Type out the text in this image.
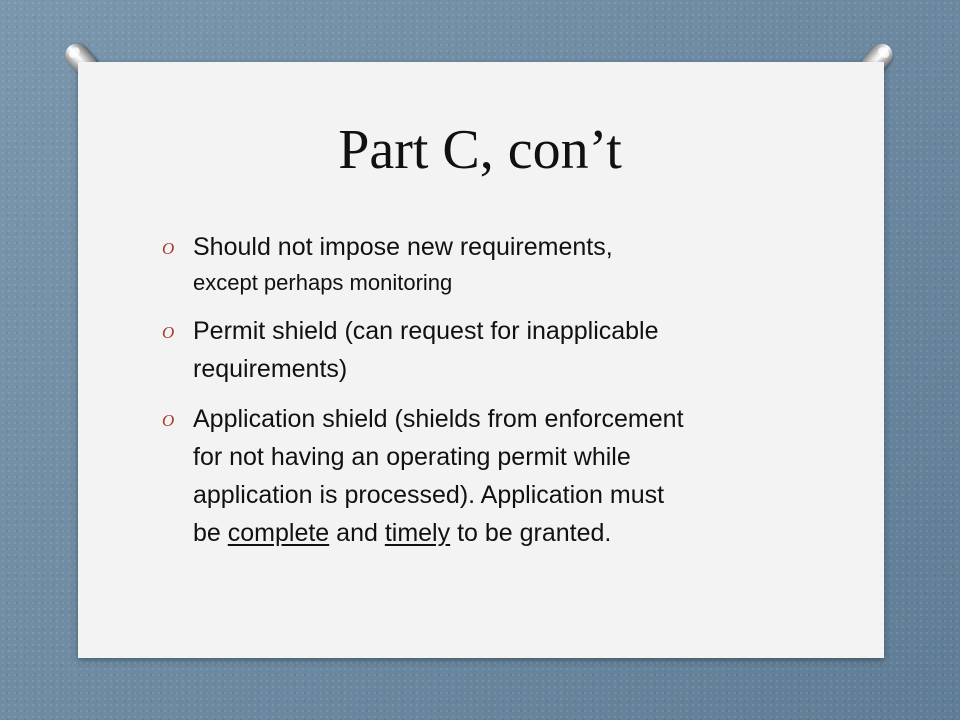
Part C, con’t
O Should not impose new requirements,
except perhaps monitoring
O Permit shield (can request for inapplicable
requirements)
O Application shield (shields from enforcement
for not having an operating permit while
application is processed). Application must
be complete and timely to be granted.
